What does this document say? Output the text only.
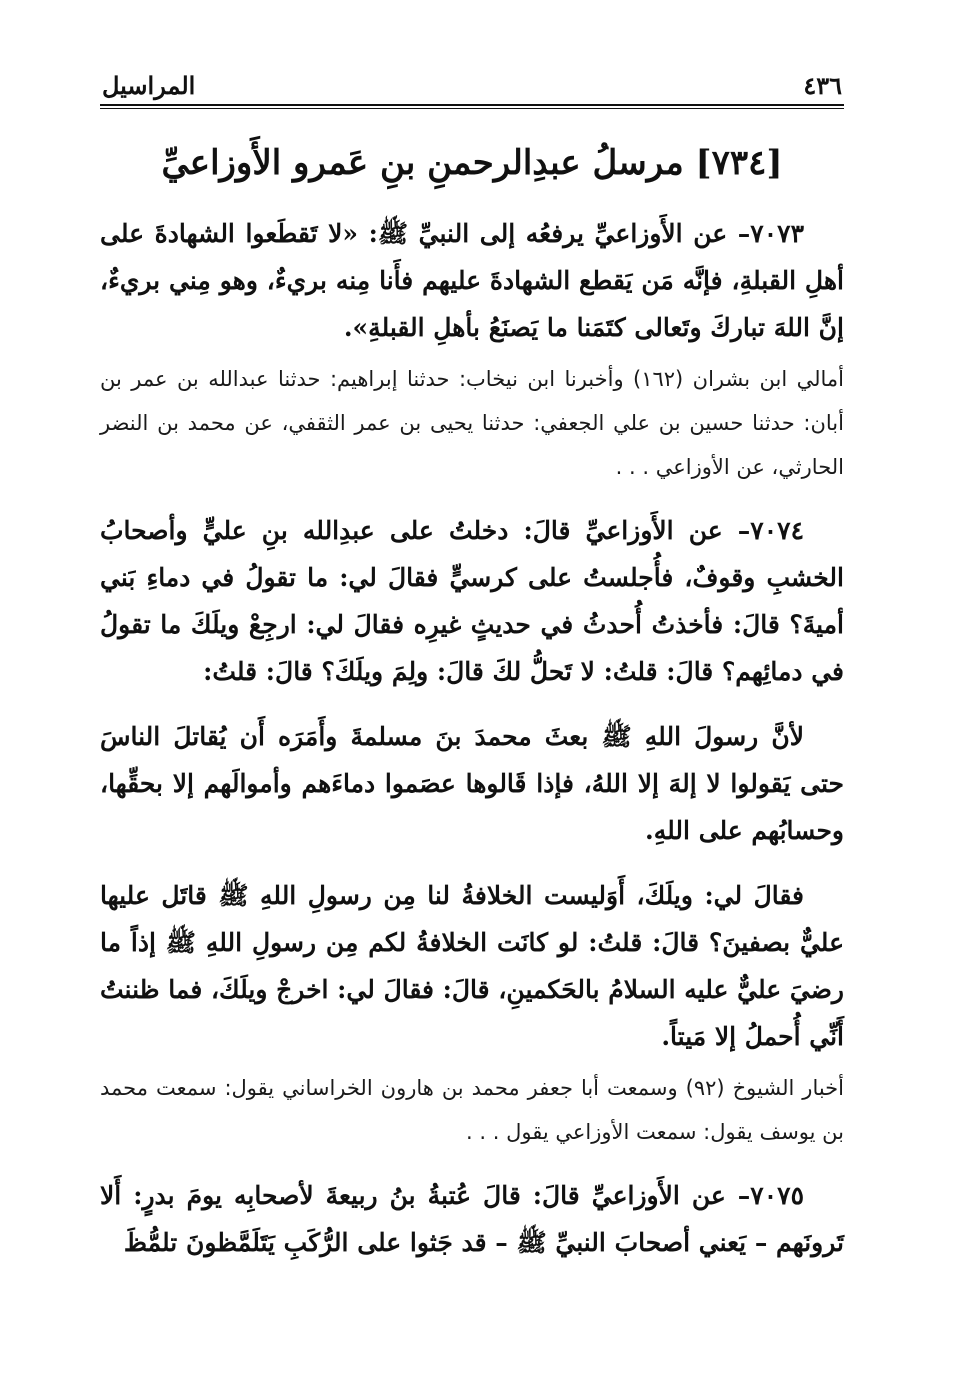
٤٣٦
المراسيل
[٧٣٤] مرسلُ عبدِالرحمنِ بنِ عَمرو الأَوزاعيِّ

٧٠٧٣– عن الأَوزاعيِّ يرفعُه إلى النبيِّ ﷺ: «لا تَقطَعوا الشهادةَ على أهلِ القبلةِ، فإنَّه مَن يَقطع الشهادةَ عليهم فأَنا مِنه بريءٌ، وهو مِني بريءٌ، إنَّ اللهَ تباركَ وتَعالى كتَمَنا ما يَصنَعُ بأهلِ القبلةِ».

أمالي ابن بشران (١٦٢) وأخبرنا ابن نيخاب: حدثنا إبراهيم: حدثنا عبدالله بن عمر بن أبان: حدثنا حسين بن علي الجعفي: حدثنا يحيى بن عمر الثقفي، عن محمد بن النضر الحارثي، عن الأوزاعي . . .

٧٠٧٤– عن الأَوزاعيِّ قالَ: دخلتُ على عبدِالله بنِ عليٍّ وأصحابُ الخشبِ وقوفٌ، فأُجلستُ على كرسيٍّ فقالَ لي: ما تقولُ في دماءِ بَني أميةَ؟ قالَ: فأخذتُ أُحدثُ في حديثٍ غيرِه فقالَ لي: ارجِعْ ويلَكَ ما تقولُ في دمائِهم؟ قالَ: قلتُ: لا تَحلُّ لكَ قالَ: ولِمَ ويلَكَ؟ قالَ: قلتُ:

لأنَّ رسولَ اللهِ ﷺ بعثَ محمدَ بنَ مسلمةَ وأَمَرَه أَن يُقاتلَ الناسَ حتى يَقولوا لا إلهَ إلا اللهُ، فإذا قَالوها عصَموا دماءَهم وأموالَهم إلا بحقِّها، وحسابُهم على اللهِ.

فقالَ لي: ويلَكَ، أَوَليست الخلافةُ لنا مِن رسولِ اللهِ ﷺ قاتَل عليها عليٌّ بصفينَ؟ قالَ: قلتُ: لو كانَت الخلافةُ لكم مِن رسولِ اللهِ ﷺ إذاً ما رضيَ عليٌّ عليه السلامُ بالحَكمينِ، قالَ: فقالَ لي: اخرجْ ويلَكَ، فما ظننتُ أَنِّي أُحملُ إلا مَيتاً.

أخبار الشيوخ (٩٢) وسمعت أبا جعفر محمد بن هارون الخراساني يقول: سمعت محمد بن يوسف يقول: سمعت الأوزاعي يقول . . .

٧٠٧٥– عن الأَوزاعيِّ قالَ: قالَ عُتبةُ بنُ ربيعةَ لأصحابِه يومَ بدرٍ: أَلا تَرونَهم – يَعني أصحابَ النبيِّ ﷺ – قد جَثوا على الرُّكَبِ يَتَلَمَّظونَ تلمُّظَ
